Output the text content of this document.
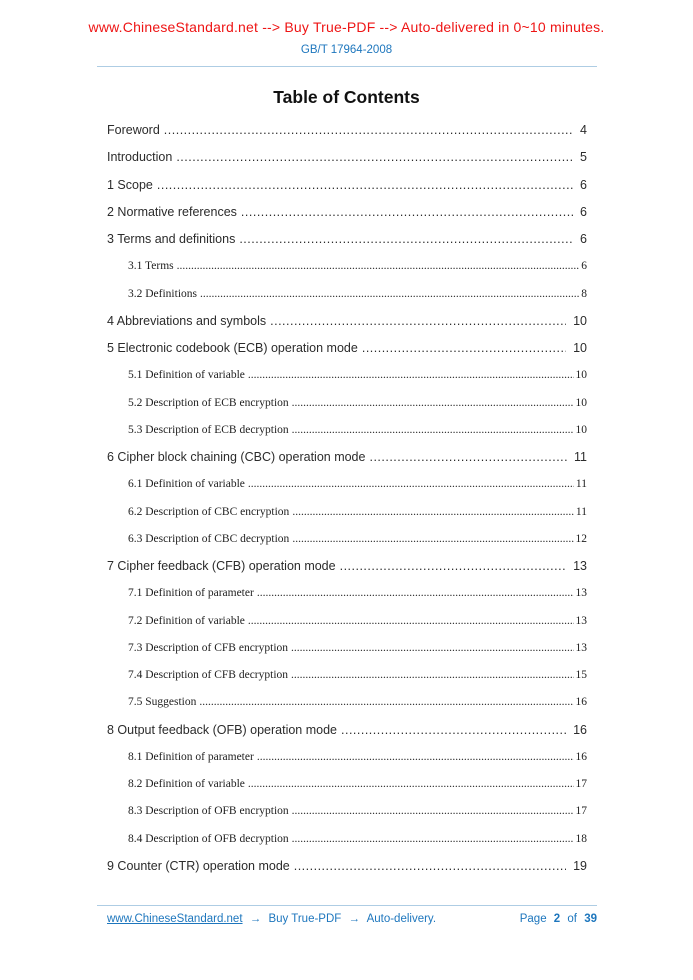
www.ChineseStandard.net --> Buy True-PDF --> Auto-delivered in 0~10 minutes.
GB/T 17964-2008
Table of Contents
Foreword .....	4
Introduction .....	5
1 Scope .....	6
2 Normative references .....	6
3 Terms and definitions .....	6
3.1 Terms .....	6
3.2 Definitions .....	8
4 Abbreviations and symbols .....	10
5 Electronic codebook (ECB) operation mode .....	10
5.1 Definition of variable .....	10
5.2 Description of ECB encryption .....	10
5.3 Description of ECB decryption .....	10
6 Cipher block chaining (CBC) operation mode .....	11
6.1 Definition of variable .....	11
6.2 Description of CBC encryption .....	11
6.3 Description of CBC decryption .....	12
7 Cipher feedback (CFB) operation mode .....	13
7.1 Definition of parameter .....	13
7.2 Definition of variable .....	13
7.3 Description of CFB encryption .....	13
7.4 Description of CFB decryption .....	15
7.5 Suggestion .....	16
8 Output feedback (OFB) operation mode .....	16
8.1 Definition of parameter .....	16
8.2 Definition of variable .....	17
8.3 Description of OFB encryption .....	17
8.4 Description of OFB decryption .....	18
9 Counter (CTR) operation mode .....	19
www.ChineseStandard.net → Buy True-PDF → Auto-delivery.	Page 2 of 39
